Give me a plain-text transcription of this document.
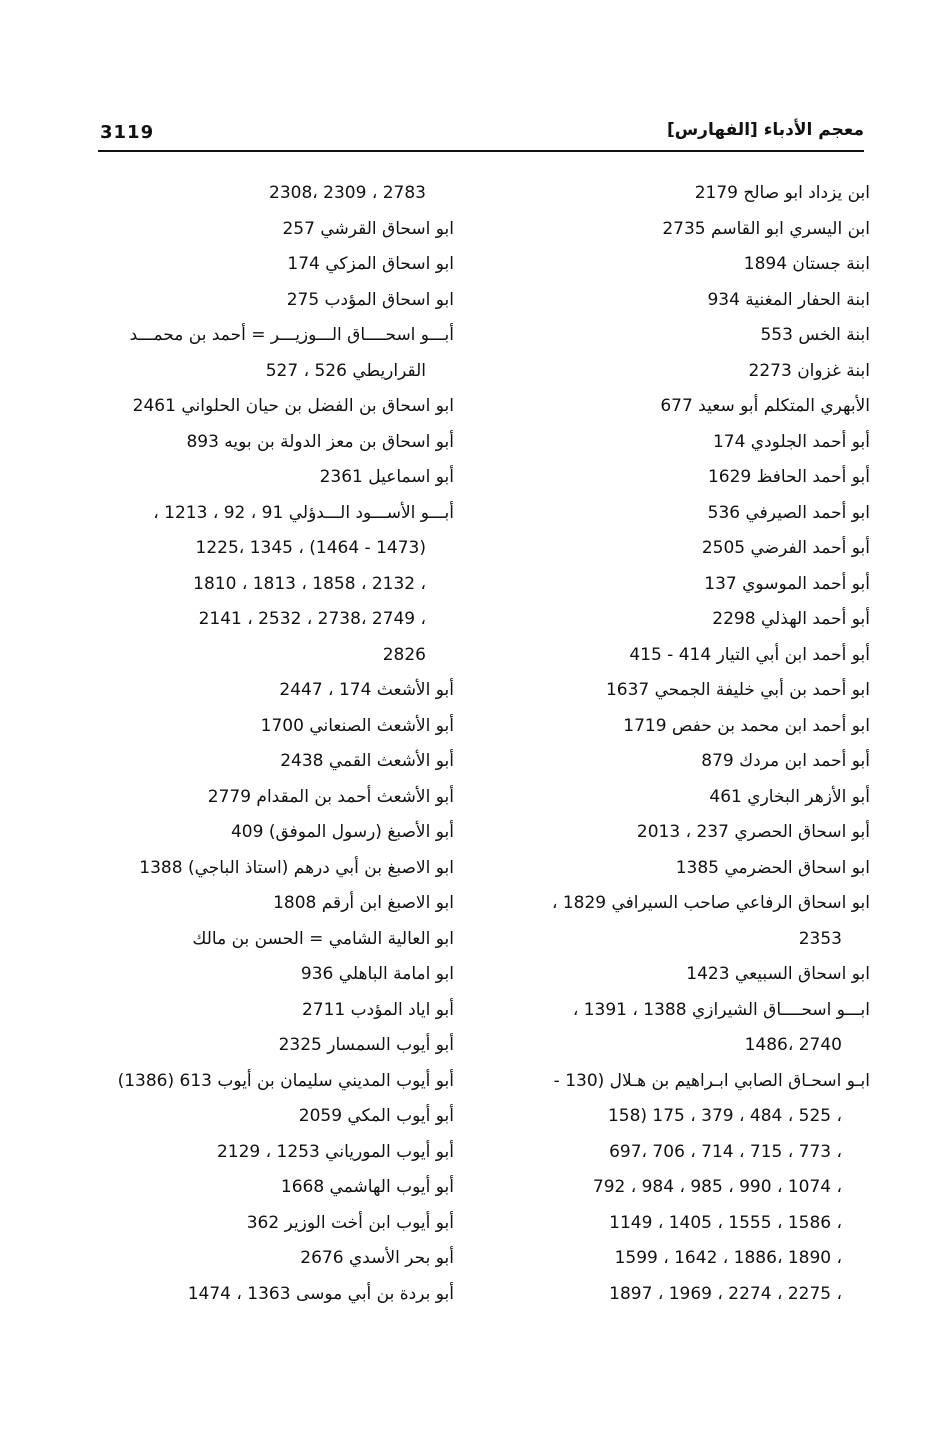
3119	معجم الأدباء [الفهارس]
ابن يزداد ابو صالح 2179
ابن اليسري ابو القاسم 2735
ابنة جستان 1894
ابنة الحفار المغنية 934
ابنة الخس 553
ابنة غزوان 2273
الأبهري المتكلم أبو سعيد 677
أبو أحمد الجلودي 174
أبو أحمد الحافظ 1629
ابو أحمد الصيرفي 536
أبو أحمد الفرضي 2505
أبو أحمد الموسوي 137
أبو أحمد الهذلي 2298
أبو أحمد ابن أبي التيار 414 - 415
ابو أحمد بن أبي خليفة الجمحي 1637
ابو أحمد ابن محمد بن حفص 1719
أبو أحمد ابن مردك 879
أبو الأزهر البخاري 461
أبو اسحاق الحصري 237 ، 2013
ابو اسحاق الحضرمي 1385
ابو اسحاق الرفاعي صاحب السيرافي 1829 ،
2353
ابو اسحاق السبيعي 1423
ابـــو اسحــــاق الشيرازي 1388 ، 1391 ،
1486، 2740
ابـو اسحـاق الصابي ابـراهيم بن هـلال (130 -
158) 175 ، 379 ، 484 ، 525 ،
697، 706 ، 714 ، 715 ، 773 ،
792 ، 984 ، 985 ، 990 ، 1074 ،
1149 ، 1405 ، 1555 ، 1586 ،
1599 ، 1642 ، 1886، 1890 ،
1897 ، 1969 ، 2274 ، 2275 ،
2308، 2309 ، 2783
ابو اسحاق القرشي 257
ابو اسحاق المزكي 174
ابو اسحاق المؤدب 275
أبـــو اسحــــاق الـــوزيـــر = أحمد بن محمـــد
القراريطي 526 ، 527
ابو اسحاق بن الفضل بن حيان الحلواني 2461
أبو اسحاق بن معز الدولة بن بويه 893
أبو اسماعيل 2361
أبـــو الأســـود الـــدؤلي 91 ، 92 ، 1213 ،
1225، 1345 ، (1464 - 1473)
1810 ، 1813 ، 1858 ، 2132 ،
2141 ، 2532 ، 2738، 2749 ،
2826
أبو الأشعث 174 ، 2447
أبو الأشعث الصنعاني 1700
أبو الأشعث القمي 2438
أبو الأشعث أحمد بن المقدام 2779
أبو الأصبغ (رسول الموفق) 409
ابو الاصبغ بن أبي درهم (استاذ الباجي) 1388
ابو الاصبغ ابن أرقم 1808
ابو العالية الشامي = الحسن بن مالك
ابو امامة الباهلي 936
أبو اياد المؤدب 2711
أبو أيوب السمسار 2325
أبو أيوب المديني سليمان بن أيوب 613 (1386)
أبو أيوب المكي 2059
أبو أيوب المورياني 1253 ، 2129
أبو أيوب الهاشمي 1668
أبو أيوب ابن أخت الوزير 362
أبو بحر الأسدي 2676
أبو بردة بن أبي موسى 1363 ، 1474
